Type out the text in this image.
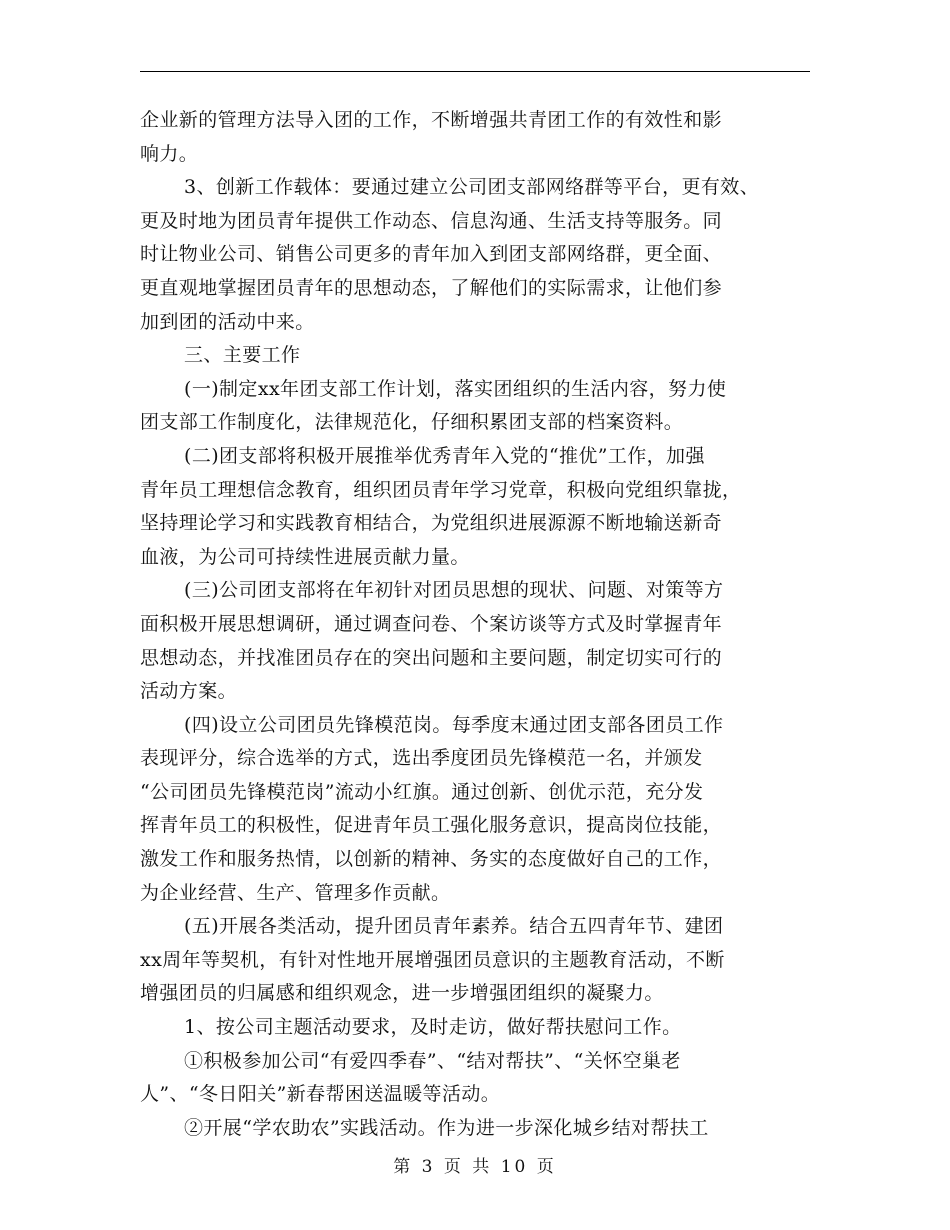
企业新的管理方法导入团的工作，不断增强共青团工作的有效性和影
响力。
3、创新工作载体：要通过建立公司团支部网络群等平台，更有效、
更及时地为团员青年提供工作动态、信息沟通、生活支持等服务。同
时让物业公司、销售公司更多的青年加入到团支部网络群，更全面、
更直观地掌握团员青年的思想动态，了解他们的实际需求，让他们参
加到团的活动中来。
三、主要工作
(一)制定xx年团支部工作计划，落实团组织的生活内容，努力使
团支部工作制度化，法律规范化，仔细积累团支部的档案资料。
(二)团支部将积极开展推举优秀青年入党的“推优”工作，加强
青年员工理想信念教育，组织团员青年学习党章，积极向党组织靠拢，
坚持理论学习和实践教育相结合，为党组织进展源源不断地输送新奇
血液，为公司可持续性进展贡献力量。
(三)公司团支部将在年初针对团员思想的现状、问题、对策等方
面积极开展思想调研，通过调查问卷、个案访谈等方式及时掌握青年
思想动态，并找准团员存在的突出问题和主要问题，制定切实可行的
活动方案。
(四)设立公司团员先锋模范岗。每季度末通过团支部各团员工作
表现评分，综合选举的方式，选出季度团员先锋模范一名，并颁发
“公司团员先锋模范岗”流动小红旗。通过创新、创优示范，充分发
挥青年员工的积极性，促进青年员工强化服务意识，提高岗位技能，
激发工作和服务热情，以创新的精神、务实的态度做好自己的工作，
为企业经营、生产、管理多作贡献。
(五)开展各类活动，提升团员青年素养。结合五四青年节、建团
xx周年等契机，有针对性地开展增强团员意识的主题教育活动，不断
增强团员的归属感和组织观念，进一步增强团组织的凝聚力。
1、按公司主题活动要求，及时走访，做好帮扶慰问工作。
①积极参加公司“有爱四季春”、“结对帮扶”、“关怀空巢老
人”、“冬日阳关”新春帮困送温暖等活动。
②开展“学农助农”实践活动。作为进一步深化城乡结对帮扶工
第 3 页 共 10 页
